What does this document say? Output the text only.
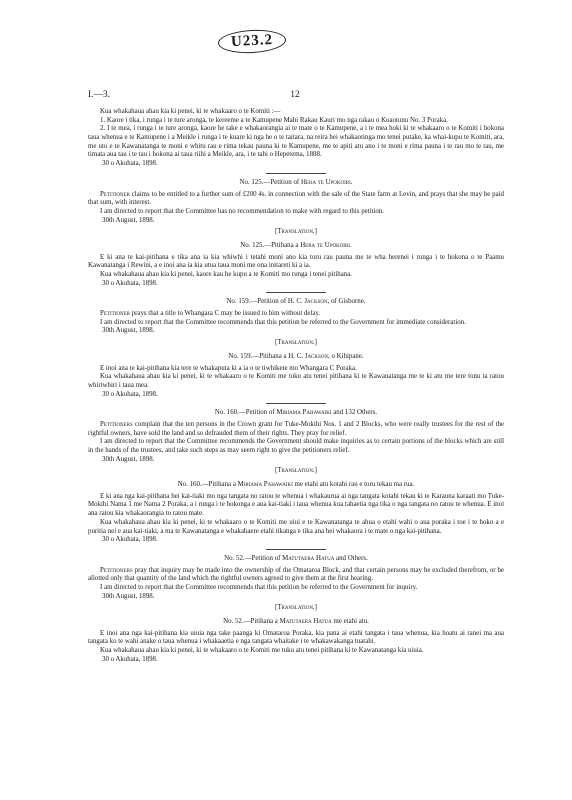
U23.2
I.—3.	12

Kua whakahaua ahau kia ki penei, ki te whakaaro o te Komiti :—

1. Kaore i tika, i runga i te ture aronga, te kereeme a te Kamupene Mahi Rakau Kauri mo nga rakau o Kuaotunu No. 3 Poraka.

2. I te mea, i runga i te ture aronga, kaore he take e whakaorangia ai te mate o te Kamupene, a i te mea hoki ki te whakaaro o te Komiti i hokona taua whenua e te Kamupene i a Meikle i runga i te kuare ki nga he o te taitara, na reira hei whakaotinga mo tenei putake, ka whai-kupu te Komiti, ara, me utu e te Kawanatanga te moni e whitu rau e rima tekau pauna ki te Kamupene, me te apiti atu ano i te moni e rima pauna i te rau mo te tau, me timata aua tau i te tau i hokona ai taua riihi a Meikle, ara, i te tahi o Hepetema, 1888.

30 o Akuhata, 1898.

No. 125.—Petition of Hera te Upokoiri.

Petitioner claims to be entitled to a further sum of £200 4s. in connection with the sale of the State farm at Levin, and prays that she may be paid that sum, with interest.

I am directed to report that the Committee has no recommendation to make with regard to this petition.

30th August, 1898.

[Translation.]
No. 125.—Pitihana a Hera te Upokoiri.

E ki ana te kai-pitihana e tika ana ia kia whiwhi i tetahi moni ano kia toru rau pauna me te wha herenei i runga i te hokona o te Paamu Kawanatanga i Rewini, a e inoi ana ia kia utua taua moni me ona initareti ki a ia.

Kua whakahaua ahau kia ki penei, kaore kau he kupu a te Komiti mo runga i tenei pitihana.

30 o Akuhata, 1898.

No. 159.—Petition of H. C. Jackson, of Gisborne.

Petitioner prays that a title to Whangara C may be issued to him without delay.

I am directed to report that the Committee recommends that this petition be referred to the Government for immediate consideration.

30th August, 1898.

[Translation.]
No. 159.—Pitihana a H. C. Jackson, o Kihipane.

E inoi ana te kai-pitihana kia tere te whakaputa ki a ia o te tiwhikete mo Whangara C Poraka.

Kua whakahaua ahau kia ki penei, ki te whakaaro o te Komiti me tuku atu tenei pitihana ki te Kawanatanga me te ki atu me tere tonu ta ratou whiriwhiri i taua mea.

30 o Akuhata, 1898.

No. 160.—Petition of Miriama Pahawaiki and 132 Others.

Petitioners complain that the ten persons in the Crown grant for Tuke-Mokihi Nos. 1 and 2 Blocks, who were really trustees for the rest of the rightful owners, have sold the land and so defrauded them of their rights. They pray for relief.

I am directed to report that the Committee recommends the Government should make inquiries as to certain portions of the blocks which are still in the hands of the trustees, and take such steps as may seem right to give the petitioners relief.

30th August, 1898.

[Translation.]
No. 160.—Pitihana a Miriama Pahawaiki me etahi atu kotahi rau e toru tekau ma rua.

E ki ana nga kai-pitihana hei kai-tiaki mo nga tangata no ratou te whenua i whakaurua ai nga tangata kotahi tekau ki te Karauna karaati mo Tuke-Mokihi Nama 1 me Nama 2 Poraka, a i runga i te hokonga e aua kai-tiaki i taua whenua kua tahaetia nga tika o nga tangata no ratou te whenua. E inoi ana ratou kia whakaorangia to ratou mate.

Kua whakahaua ahau kia ki penei, ki te whakaaro o te Komiti me uiui e te Kawanatanga te ahua o etahi wahi o aua poraka i toe i te hoko a e puritia nei e aua kai-tiaki, a ma te Kawanatanga e whakahaere etahi tikanga e tika ana hei whakaora i te mate o nga kai-pitihana.

30 o Akuhata, 1898.

No. 52.—Petition of Matutaera Hatua and Others.

Petitioners pray that inquiry may be made into the ownership of the Omataroa Block, and that certain persons may be excluded therefrom, or be allotted only that quantity of the land which the rightful owners agreed to give them at the first hearing.

I am directed to report that the Committee recommends that this petition be referred to the Government for inquiry.

30th August, 1898.

[Translation.]
No. 52.—Pitihana a Matutaera Hatua me etahi atu.

E inoi ana nga kai-pitihana kia uiuia nga take paanga ki Omataroa Poraka, kia pana ai etahi tangata i taua whenua, kia hoatu ai ranei ma aua tangata ko te wahi anake o taua whenua i whakaaetia e nga tangata whaitake i te whakawakanga tuatahi.

Kua whakahaua ahau kia ki penei, ki te whakaaro o te Komiti me tuku atu tenei pitihana ki te Kawanatanga kia uiuia.

30 o Akuhata, 1898.
